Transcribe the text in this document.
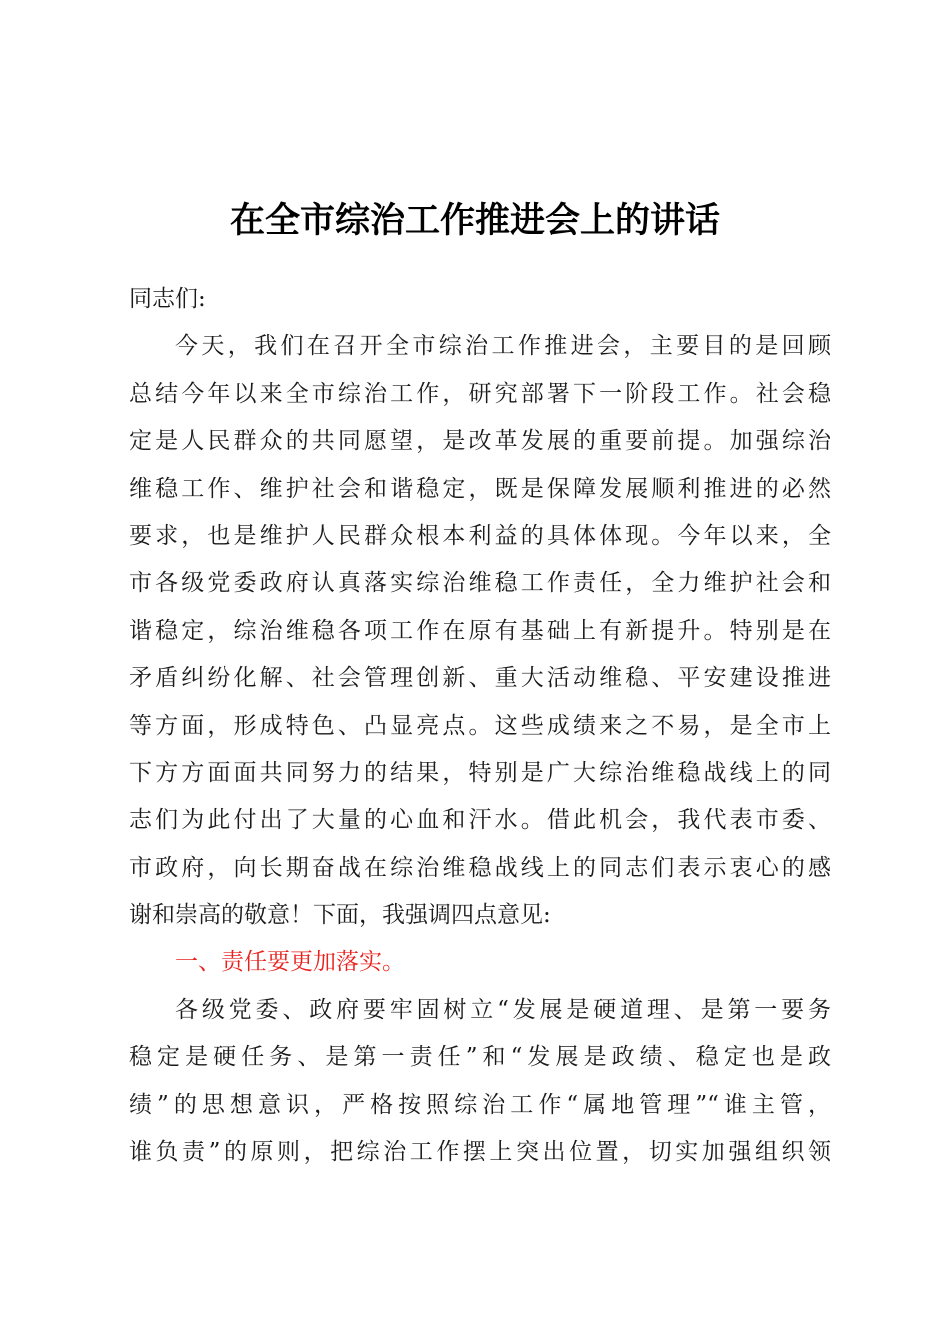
在全市综治工作推进会上的讲话
同志们:
今天，我们在召开全市综治工作推进会，主要目的是回顾
总结今年以来全市综治工作，研究部署下一阶段工作。社会稳
定是人民群众的共同愿望，是改革发展的重要前提。加强综治
维稳工作、维护社会和谐稳定，既是保障发展顺利推进的必然
要求，也是维护人民群众根本利益的具体体现。今年以来，全
市各级党委政府认真落实综治维稳工作责任，全力维护社会和
谐稳定，综治维稳各项工作在原有基础上有新提升。特别是在
矛盾纠纷化解、社会管理创新、重大活动维稳、平安建设推进
等方面，形成特色、凸显亮点。这些成绩来之不易，是全市上
下方方面面共同努力的结果，特别是广大综治维稳战线上的同
志们为此付出了大量的心血和汗水。借此机会，我代表市委、
市政府，向长期奋战在综治维稳战线上的同志们表示衷心的感
谢和崇高的敬意！下面，我强调四点意见:
一、责任要更加落实。
各级党委、政府要牢固树立“发展是硬道理、是第一要务
稳定是硬任务、是第一责任”和“发展是政绩、稳定也是政
绩”的思想意识，严格按照综治工作“属地管理”“谁主管，
谁负责”的原则，把综治工作摆上突出位置，切实加强组织领
